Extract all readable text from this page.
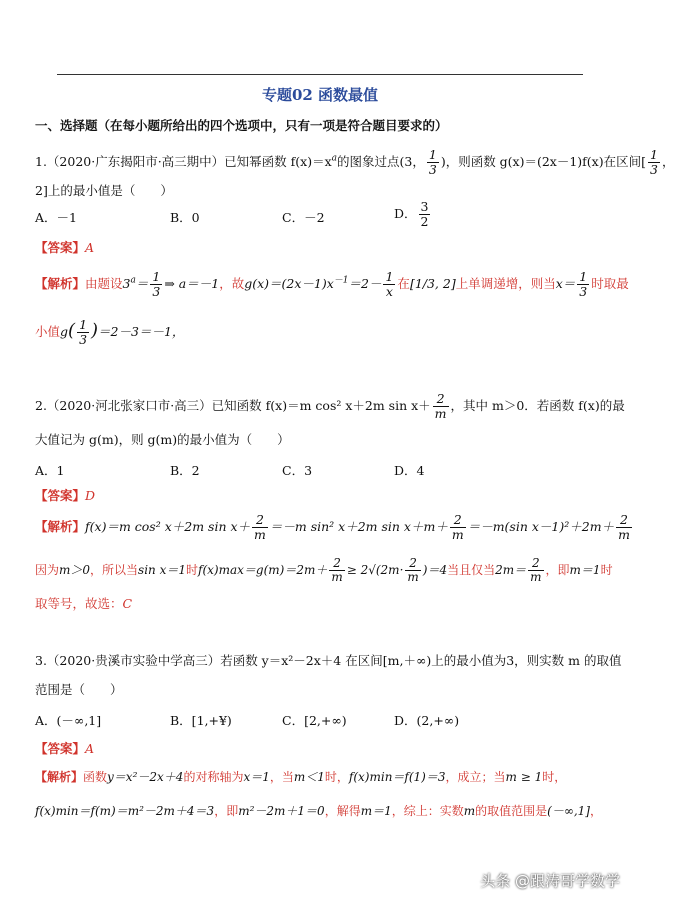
专题02 函数最值
一、选择题（在每小题所给出的四个选项中，只有一项是符合题目要求的）
1.（2020·广东揭阳市·高三期中）已知幂函数 $f(x)=x^a$的图象过点(3， $\frac{1}{3}$ )，则函数 g(x)＝(2x－1)f(x)在区间[ $\frac{1}{3}$ ，
2]上的最小值是（　　）
A．－1	B．0	C．－2	D． $\frac{3}{2}$
【答案】A
【解析】由题设$3^a= \frac{1}{3}$ ⇒ a＝－1，故$g(x)=(2x-1)x^{-1}=2- \frac{1}{x}$ 在[1/3, 2]上单调递增，则当$x= \frac{1}{3}$ 时取最
小值$g( \frac{1}{3} )=2-3=-1$，
2.（2020·河北张家口市·高三）已知函数 f(x)＝m cos² x＋2m $\sin x+ \frac{2}{m}$ ，其中 m＞0．若函数 f(x)的最
大值记为 g(m)，则 g(m)的最小值为（　　）
A．1	B．2	C．3	D．4
【答案】D
【解析】f(x)＝m cos² x＋2m $\sin x+ \frac{2}{m} =-m$ sin² x＋2m $\sin x+m+ \frac{2}{m} =-m(\sin$ $x-1)^2+2m+ \frac{2}{m}$
因为m＞0，所以当sin x＝1时$f(x)\max=g(m)=2m+ \frac{2}{m} \ge 2√(2m\cdot \frac{2}{m} )=4$当且仅当$2m= \frac{2}{m}$ ，即m＝1时
取等号，故选：C
3.（2020·贵溪市实验中学高三）若函数 y＝x²－2x＋4 在区间[m,＋∞)上的最小值为3，则实数 m 的取值
范围是（　　）
A．(－∞,1]	B．[1,+¥)	C．[2,+∞)	D．(2,+∞)
【答案】A
【解析】函数y＝x²－2x＋4的对称轴为x＝1，当m＜1时，f(x)min＝f(1)＝3，成立；当m ≥ 1时，
f(x)min＝f(m)＝m²－2m＋4＝3，即m²－2m＋1＝0，解得m＝1，综上：实数m的取值范围是(－∞,1]，
头条 @跟涛哥学数学
